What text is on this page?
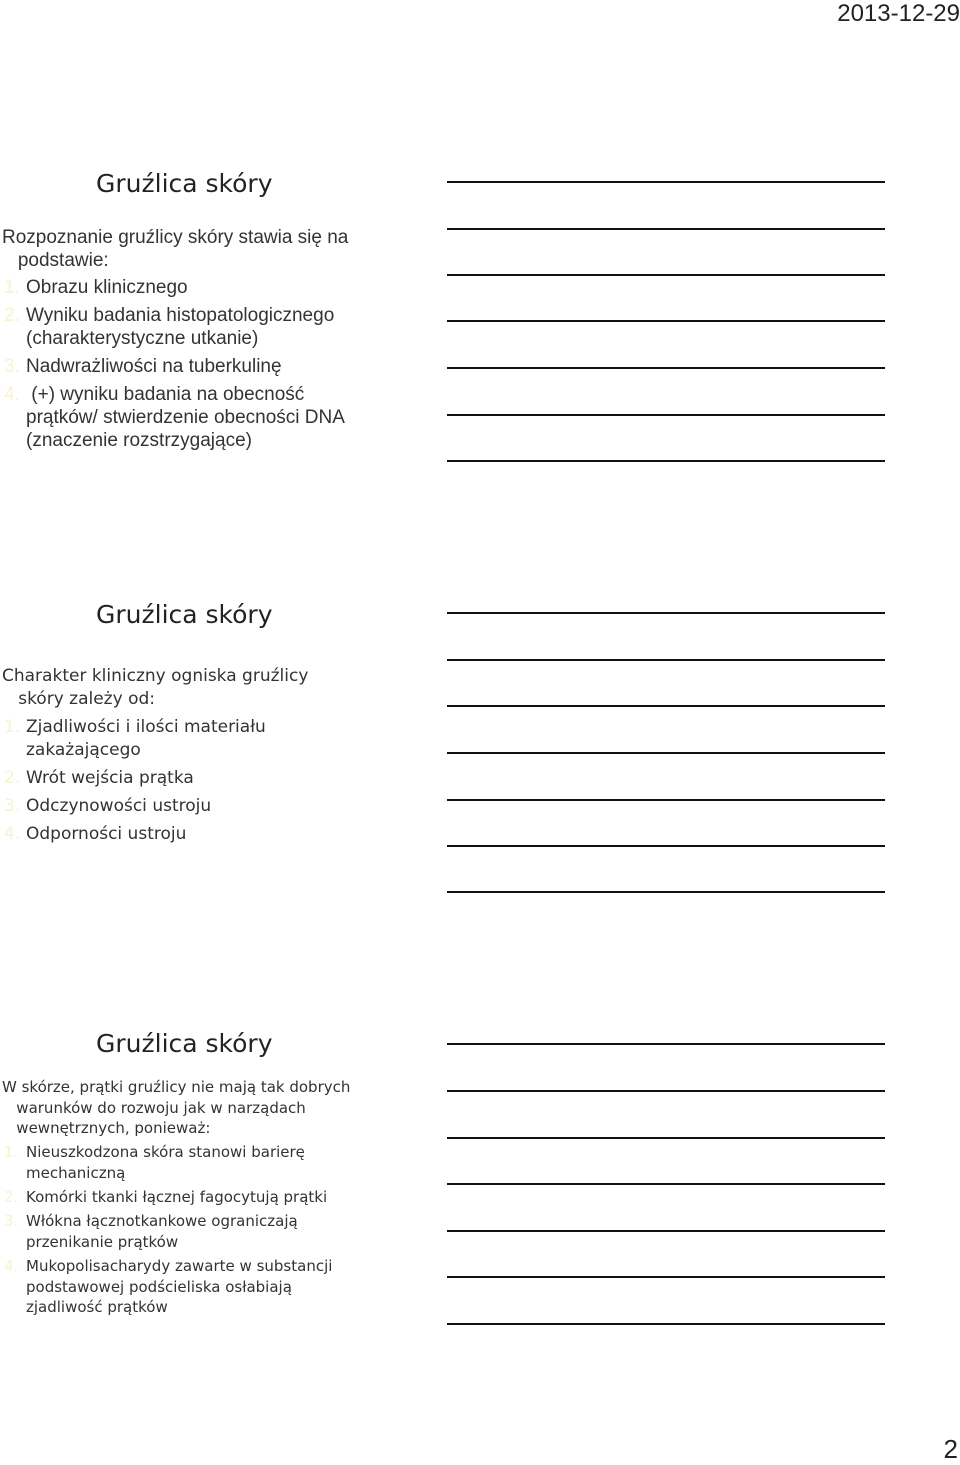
2013-12-29
Gruźlica skóry

Rozpoznanie gruźlicy skóry stawia się na

podstawie:

1. Obrazu klinicznego

2. Wyniku badania histopatologicznego

(charakterystyczne utkanie)

3. Nadwrażliwości na tuberkulinę

4. (+) wyniku badania na obecność

prątków/ stwierdzenie obecności DNA

(znaczenie rozstrzygające)

Gruźlica skóry

Charakter kliniczny ogniska gruźlicy

skóry zależy od:

1. Zjadliwości i ilości materiału

zakażającego

2. Wrót wejścia prątka

3. Odczynowości ustroju

4. Odporności ustroju

Gruźlica skóry

W skórze, prątki gruźlicy nie mają tak dobrych

warunków do rozwoju jak w narządach

wewnętrznych, ponieważ:

1. Nieuszkodzona skóra stanowi barierę

mechaniczną

2. Komórki tkanki łącznej fagocytują prątki

3. Włókna łącznotkankowe ograniczają

przenikanie prątków

4. Mukopolisacharydy zawarte w substancji

podstawowej podścieliska osłabiają

zjadliwość prątków

2
